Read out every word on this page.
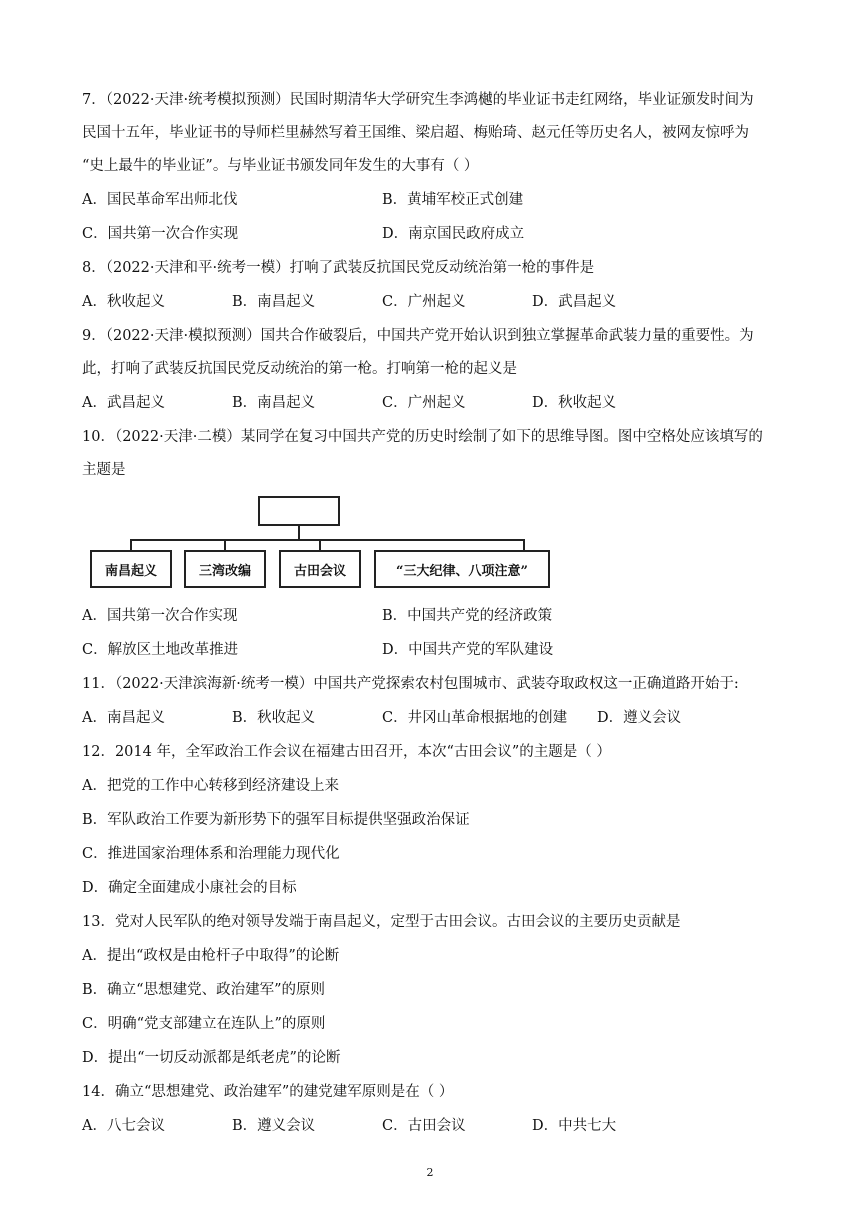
7．（2022·天津·统考模拟预测）民国时期清华大学研究生李鸿樾的毕业证书走红网络，毕业证颁发时间为
民国十五年，毕业证书的导师栏里赫然写着王国维、梁启超、梅贻琦、赵元任等历史名人，被网友惊呼为
“史上最牛的毕业证”。与毕业证书颁发同年发生的大事有（ ）
A．国民革命军出师北伐	B．黄埔军校正式创建
C．国共第一次合作实现	D．南京国民政府成立
8．（2022·天津和平·统考一模）打响了武装反抗国民党反动统治第一枪的事件是
A．秋收起义	B．南昌起义	C．广州起义	D．武昌起义
9．（2022·天津·模拟预测）国共合作破裂后，中国共产党开始认识到独立掌握革命武装力量的重要性。为
此，打响了武装反抗国民党反动统治的第一枪。打响第一枪的起义是
A．武昌起义	B．南昌起义	C．广州起义	D．秋收起义
10．（2022·天津·二模）某同学在复习中国共产党的历史时绘制了如下的思维导图。图中空格处应该填写的
主题是
南昌起义	三湾改编	古田会议	“三大纪律、八项注意”
A．国共第一次合作实现	B．中国共产党的经济政策
C．解放区土地改革推进	D．中国共产党的军队建设
11．（2022·天津滨海新·统考一模）中国共产党探索农村包围城市、武装夺取政权这一正确道路开始于:
A．南昌起义	B．秋收起义	C．井冈山革命根据地的创建 D．遵义会议
12．2014 年，全军政治工作会议在福建古田召开，本次“古田会议”的主题是（ ）
A．把党的工作中心转移到经济建设上来
B．军队政治工作要为新形势下的强军目标提供坚强政治保证
C．推进国家治理体系和治理能力现代化
D．确定全面建成小康社会的目标
13．党对人民军队的绝对领导发端于南昌起义，定型于古田会议。古田会议的主要历史贡献是
A．提出“政权是由枪杆子中取得”的论断
B．确立“思想建党、政治建军”的原则
C．明确“党支部建立在连队上”的原则
D．提出“一切反动派都是纸老虎”的论断
14．确立“思想建党、政治建军”的建党建军原则是在（ ）
A．八七会议	B．遵义会议	C．古田会议	D．中共七大
2
